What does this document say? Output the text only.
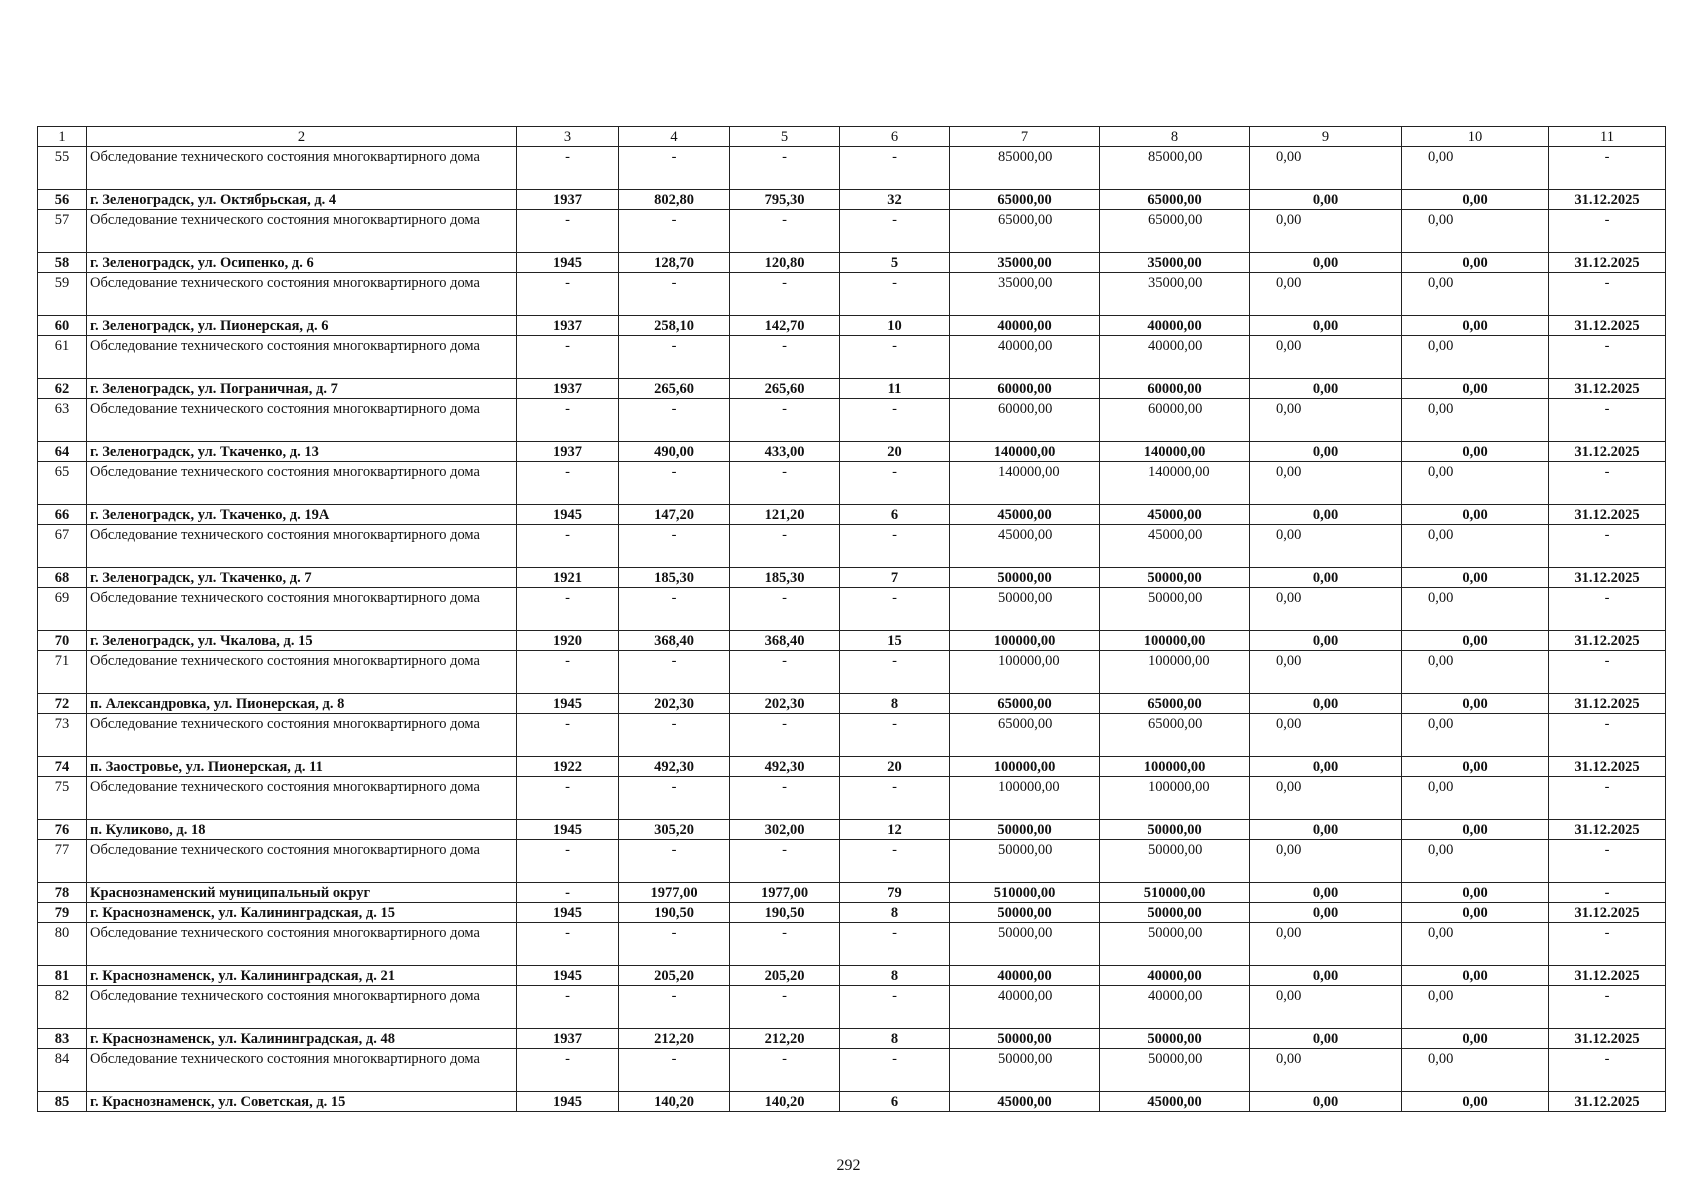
1	2	3	4	5	6	7	8	9	10	11
55	Обследование технического состояния многоквартирного дома	-	-	-	-	85000,00	85000,00	0,00	0,00	-
56	г. Зеленоградск, ул. Октябрьская, д. 4	1937	802,80	795,30	32	65000,00	65000,00	0,00	0,00	31.12.2025
57	Обследование технического состояния многоквартирного дома	-	-	-	-	65000,00	65000,00	0,00	0,00	-
58	г. Зеленоградск, ул. Осипенко, д. 6	1945	128,70	120,80	5	35000,00	35000,00	0,00	0,00	31.12.2025
59	Обследование технического состояния многоквартирного дома	-	-	-	-	35000,00	35000,00	0,00	0,00	-
60	г. Зеленоградск, ул. Пионерская, д. 6	1937	258,10	142,70	10	40000,00	40000,00	0,00	0,00	31.12.2025
61	Обследование технического состояния многоквартирного дома	-	-	-	-	40000,00	40000,00	0,00	0,00	-
62	г. Зеленоградск, ул. Пограничная, д. 7	1937	265,60	265,60	11	60000,00	60000,00	0,00	0,00	31.12.2025
63	Обследование технического состояния многоквартирного дома	-	-	-	-	60000,00	60000,00	0,00	0,00	-
64	г. Зеленоградск, ул. Ткаченко, д. 13	1937	490,00	433,00	20	140000,00	140000,00	0,00	0,00	31.12.2025
65	Обследование технического состояния многоквартирного дома	-	-	-	-	140000,00	140000,00	0,00	0,00	-
66	г. Зеленоградск, ул. Ткаченко, д. 19А	1945	147,20	121,20	6	45000,00	45000,00	0,00	0,00	31.12.2025
67	Обследование технического состояния многоквартирного дома	-	-	-	-	45000,00	45000,00	0,00	0,00	-
68	г. Зеленоградск, ул. Ткаченко, д. 7	1921	185,30	185,30	7	50000,00	50000,00	0,00	0,00	31.12.2025
69	Обследование технического состояния многоквартирного дома	-	-	-	-	50000,00	50000,00	0,00	0,00	-
70	г. Зеленоградск, ул. Чкалова, д. 15	1920	368,40	368,40	15	100000,00	100000,00	0,00	0,00	31.12.2025
71	Обследование технического состояния многоквартирного дома	-	-	-	-	100000,00	100000,00	0,00	0,00	-
72	п. Александровка, ул. Пионерская, д. 8	1945	202,30	202,30	8	65000,00	65000,00	0,00	0,00	31.12.2025
73	Обследование технического состояния многоквартирного дома	-	-	-	-	65000,00	65000,00	0,00	0,00	-
74	п. Заостровье, ул. Пионерская, д. 11	1922	492,30	492,30	20	100000,00	100000,00	0,00	0,00	31.12.2025
75	Обследование технического состояния многоквартирного дома	-	-	-	-	100000,00	100000,00	0,00	0,00	-
76	п. Куликово, д. 18	1945	305,20	302,00	12	50000,00	50000,00	0,00	0,00	31.12.2025
77	Обследование технического состояния многоквартирного дома	-	-	-	-	50000,00	50000,00	0,00	0,00	-
78	Краснознаменский муниципальный округ	-	1977,00	1977,00	79	510000,00	510000,00	0,00	0,00	-
79	г. Краснознаменск, ул. Калининградская, д. 15	1945	190,50	190,50	8	50000,00	50000,00	0,00	0,00	31.12.2025
80	Обследование технического состояния многоквартирного дома	-	-	-	-	50000,00	50000,00	0,00	0,00	-
81	г. Краснознаменск, ул. Калининградская, д. 21	1945	205,20	205,20	8	40000,00	40000,00	0,00	0,00	31.12.2025
82	Обследование технического состояния многоквартирного дома	-	-	-	-	40000,00	40000,00	0,00	0,00	-
83	г. Краснознаменск, ул. Калининградская, д. 48	1937	212,20	212,20	8	50000,00	50000,00	0,00	0,00	31.12.2025
84	Обследование технического состояния многоквартирного дома	-	-	-	-	50000,00	50000,00	0,00	0,00	-
85	г. Краснознаменск, ул. Советская, д. 15	1945	140,20	140,20	6	45000,00	45000,00	0,00	0,00	31.12.2025
292
